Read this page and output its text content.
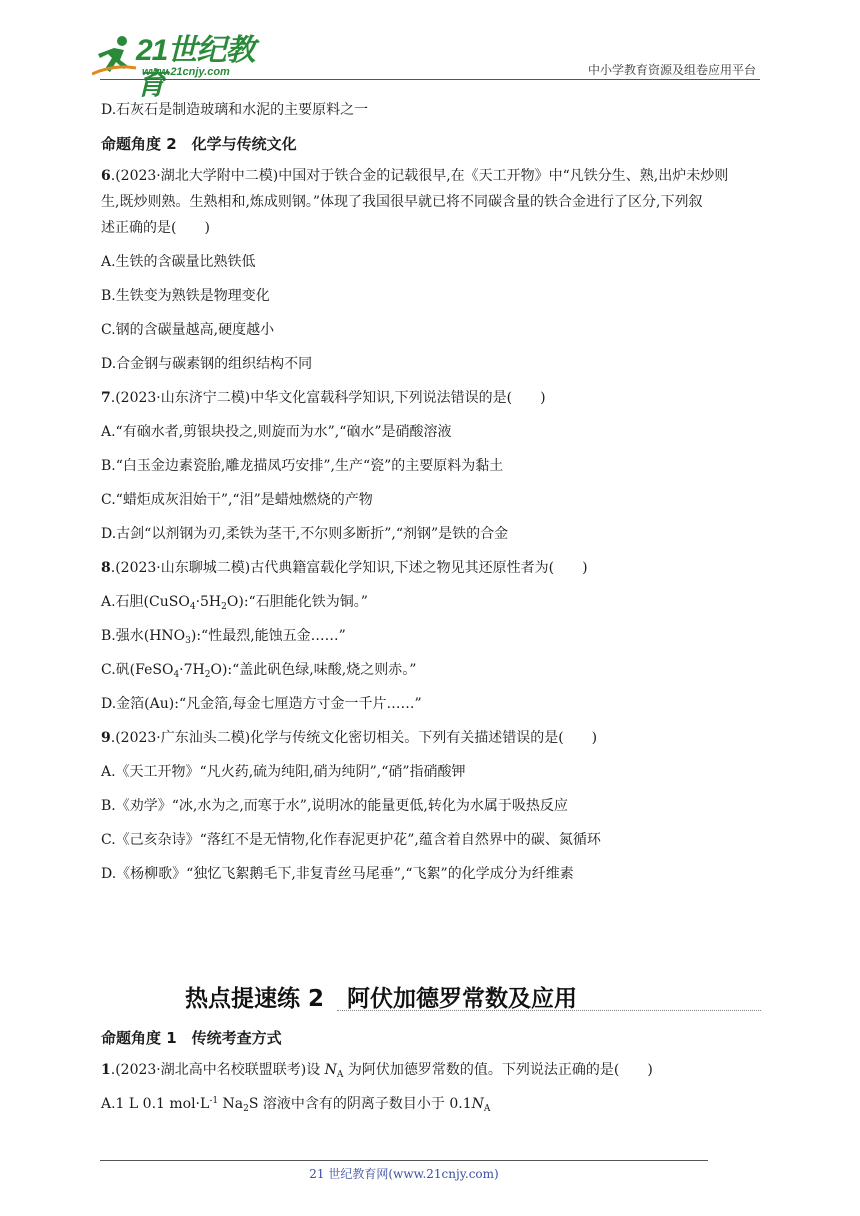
21世纪教育
www.21cnjy.com	中小学教育资源及组卷应用平台

D.石灰石是制造玻璃和水泥的主要原料之一

命题角度 2　化学与传统文化

6.(2023·湖北大学附中二模)中国对于铁合金的记载很早,在《天工开物》中“凡铁分生、熟,出炉未炒则

生,既炒则熟。生熟相和,炼成则钢。”体现了我国很早就已将不同碳含量的铁合金进行了区分,下列叙

述正确的是(　　)

A.生铁的含碳量比熟铁低

B.生铁变为熟铁是物理变化

C.钢的含碳量越高,硬度越小

D.合金钢与碳素钢的组织结构不同

7.(2023·山东济宁二模)中华文化富载科学知识,下列说法错误的是(　　)

A.“有硇水者,剪银块投之,则旋而为水”,“硇水”是硝酸溶液

B.“白玉金边素瓷胎,雕龙描凤巧安排”,生产“瓷”的主要原料为黏土

C.“蜡炬成灰泪始干”,“泪”是蜡烛燃烧的产物

D.古剑“以剂钢为刃,柔铁为茎干,不尔则多断折”,“剂钢”是铁的合金

8.(2023·山东聊城二模)古代典籍富载化学知识,下述之物见其还原性者为(　　)

A.石胆$(CuSO_4\cdot 5H_2O):“$石胆能化铁为铜。”

B.强水$(HNO_3):“$性最烈,能蚀五金……”

C.矾$(FeSO_4\cdot 7H_2O):“$盖此矾色绿,味酸,烧之则赤。”

D.金箔(Au):“凡金箔,每金七厘造方寸金一千片……”

9.(2023·广东汕头二模)化学与传统文化密切相关。下列有关描述错误的是(　　)

A.《天工开物》“凡火药,硫为纯阳,硝为纯阴”,“硝”指硝酸钾

B.《劝学》“冰,水为之,而寒于水”,说明冰的能量更低,转化为水属于吸热反应

C.《己亥杂诗》“落红不是无情物,化作春泥更护花”,蕴含着自然界中的碳、氮循环

D.《杨柳歌》“独忆飞絮鹅毛下,非复青丝马尾垂”,“飞絮”的化学成分为纤维素

热点提速练 2　阿伏加德罗常数及应用

命题角度 1　传统考查方式

1.(2023·湖北高中名校联盟联考)设 $N_A$ 为阿伏加德罗常数的值。下列说法正确的是(　　)

A.1 L 0.1 $mol\cdot L^{-1}$ $Na_2S$ 溶液中含有的阴离子数目小于 $0.1N_A$

21 世纪教育网(www.21cnjy.com)
